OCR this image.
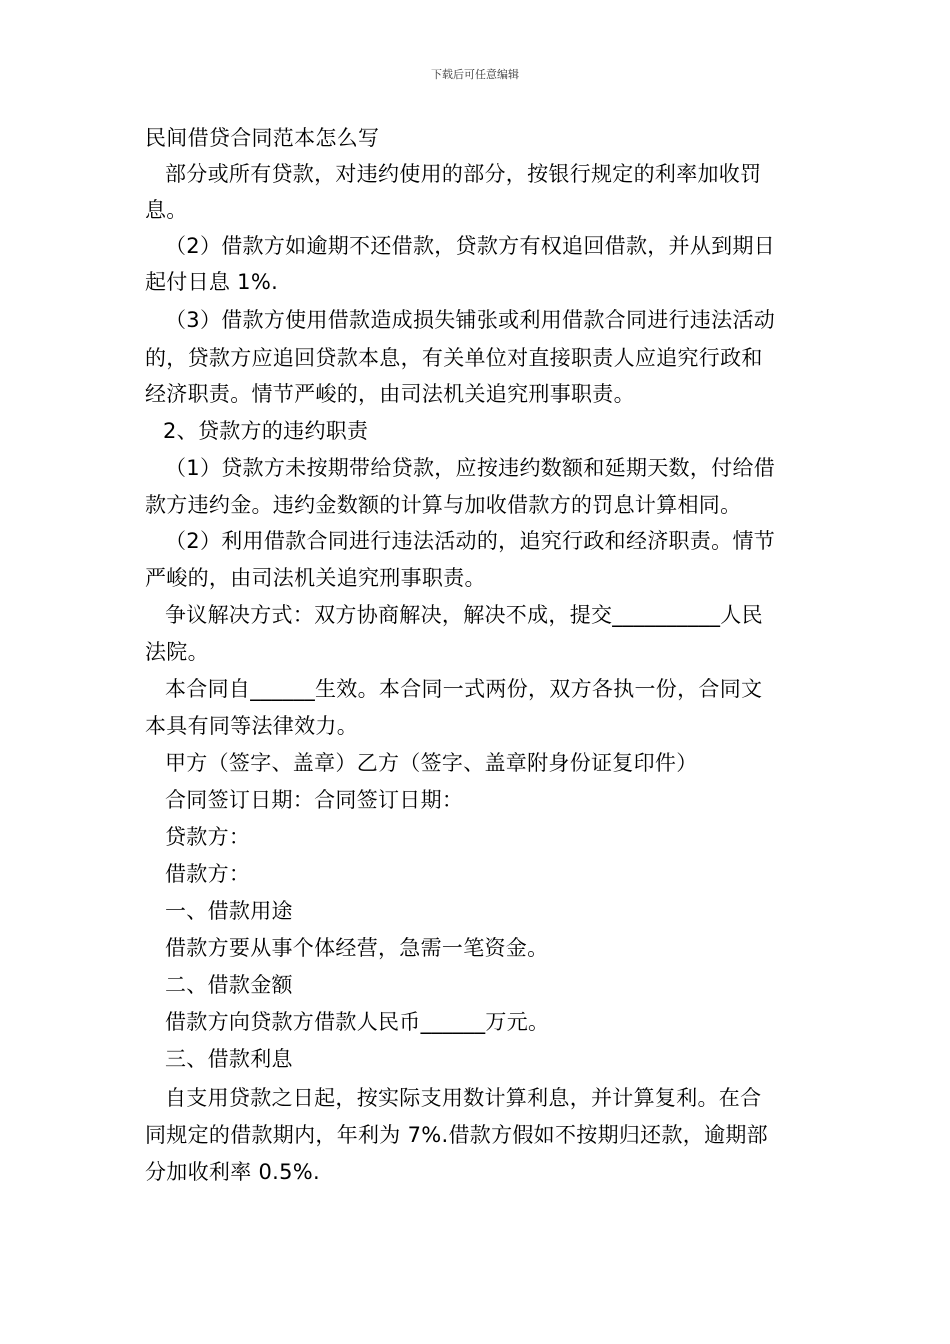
下载后可任意编辑
民间借贷合同范本怎么写
部分或所有贷款，对违约使用的部分，按银行规定的利率加收罚
息。
（2）借款方如逾期不还借款，贷款方有权追回借款，并从到期日
起付日息 1%.
（3）借款方使用借款造成损失铺张或利用借款合同进行违法活动
的，贷款方应追回贷款本息，有关单位对直接职责人应追究行政和
经济职责。情节严峻的，由司法机关追究刑事职责。
2、贷款方的违约职责
（1）贷款方未按期带给贷款，应按违约数额和延期天数，付给借
款方违约金。违约金数额的计算与加收借款方的罚息计算相同。
（2）利用借款合同进行违法活动的，追究行政和经济职责。情节
严峻的，由司法机关追究刑事职责。
争议解决方式：双方协商解决，解决不成，提交__________人民
法院。
本合同自______生效。本合同一式两份，双方各执一份，合同文
本具有同等法律效力。
甲方（签字、盖章）乙方（签字、盖章附身份证复印件）
合同签订日期：合同签订日期：
贷款方：
借款方：
一、借款用途
借款方要从事个体经营，急需一笔资金。
二、借款金额
借款方向贷款方借款人民币______万元。
三、借款利息
自支用贷款之日起，按实际支用数计算利息，并计算复利。在合
同规定的借款期内，年利为 7%.借款方假如不按期归还款，逾期部
分加收利率 0.5%.
